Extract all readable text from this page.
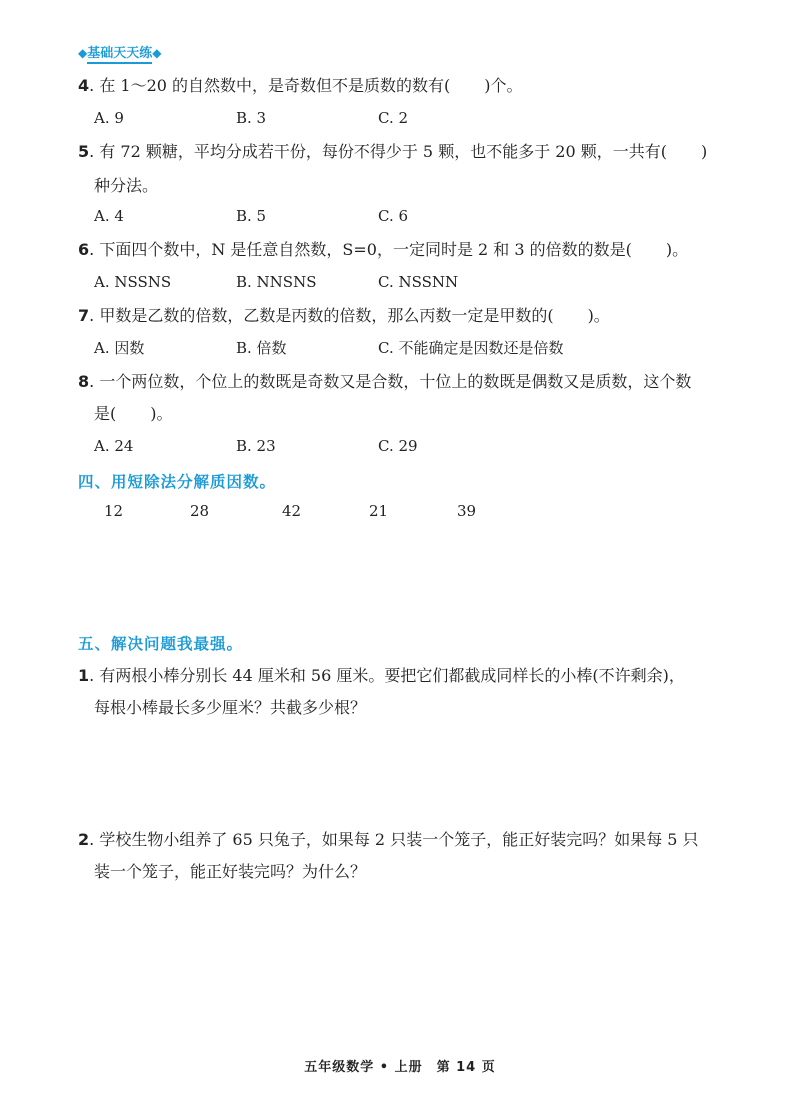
◆基础天天练◆
4. 在 1～20 的自然数中，是奇数但不是质数的数有( )个。
A. 9	B. 3	C. 2
5. 有 72 颗糖，平均分成若干份，每份不得少于 5 颗，也不能多于 20 颗，一共有( )
种分法。
A. 4	B. 5	C. 6
6. 下面四个数中，N 是任意自然数，S=0，一定同时是 2 和 3 的倍数的数是( )。
A. NSSNS	B. NNSNS	C. NSSNN
7. 甲数是乙数的倍数，乙数是丙数的倍数，那么丙数一定是甲数的( )。
A. 因数	B. 倍数	C. 不能确定是因数还是倍数
8. 一个两位数，个位上的数既是奇数又是合数，十位上的数既是偶数又是质数，这个数
是( )。
A. 24	B. 23	C. 29
四、用短除法分解质因数。
12	28	42	21	39
五、解决问题我最强。
1. 有两根小棒分别长 44 厘米和 56 厘米。要把它们都截成同样长的小棒(不许剩余)，
每根小棒最长多少厘米？共截多少根？
2. 学校生物小组养了 65 只兔子，如果每 2 只装一个笼子，能正好装完吗？如果每 5 只
装一个笼子，能正好装完吗？为什么？
五年级数学 • 上册　第 14 页
